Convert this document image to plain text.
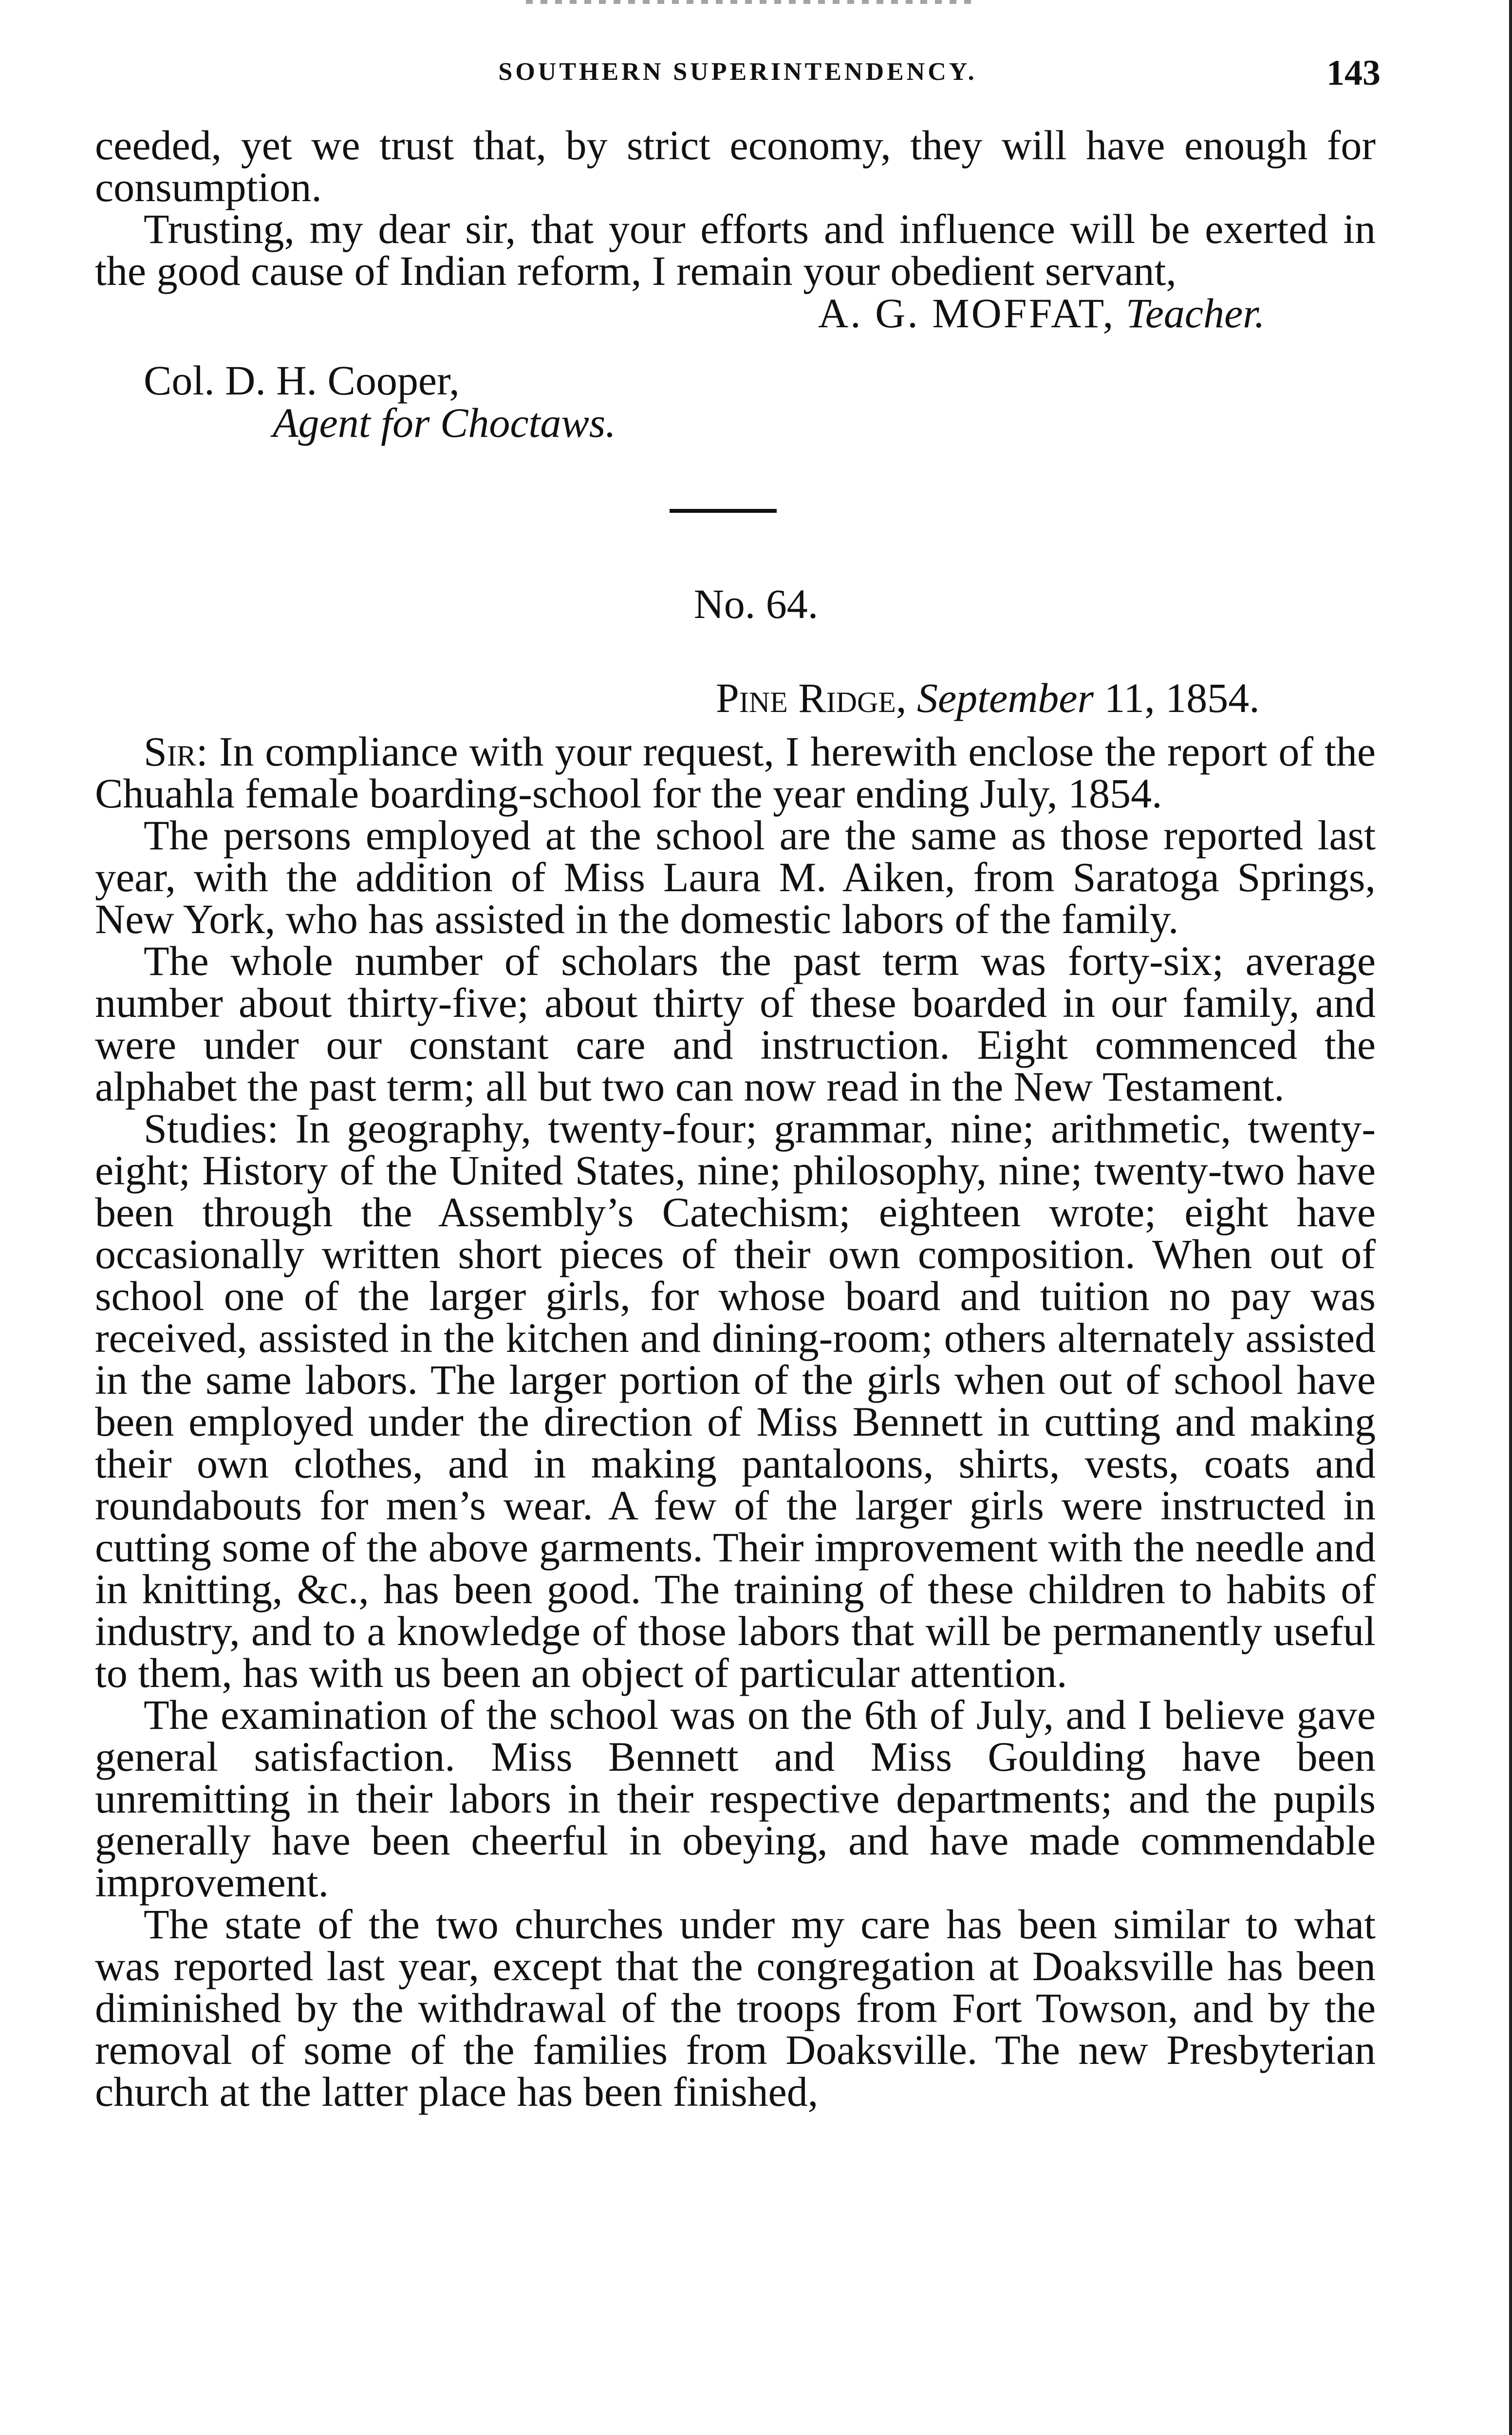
SOUTHERN SUPERINTENDENCY.	143

ceeded, yet we trust that, by strict economy, they will have enough for consumption.

Trusting, my dear sir, that your efforts and influence will be exerted in the good cause of Indian reform, I remain your obedient servant,

A. G. MOFFAT, Teacher.
Col. D. H. Cooper,
Agent for Choctaws.
No. 64.
Pine Ridge, September 11, 1854.

Sir: In compliance with your request, I herewith enclose the report of the Chuahla female boarding-school for the year ending July, 1854.

The persons employed at the school are the same as those reported last year, with the addition of Miss Laura M. Aiken, from Saratoga Springs, New York, who has assisted in the domestic labors of the family.

The whole number of scholars the past term was forty-six; average number about thirty-five; about thirty of these boarded in our family, and were under our constant care and instruction. Eight commenced the alphabet the past term; all but two can now read in the New Testament.

Studies: In geography, twenty-four; grammar, nine; arithmetic, twenty-eight; History of the United States, nine; philosophy, nine; twenty-two have been through the Assembly’s Catechism; eighteen wrote; eight have occasionally written short pieces of their own composition. When out of school one of the larger girls, for whose board and tuition no pay was received, assisted in the kitchen and dining-room; others alternately assisted in the same labors. The larger portion of the girls when out of school have been employed under the direction of Miss Bennett in cutting and making their own clothes, and in making pantaloons, shirts, vests, coats and roundabouts for men’s wear. A few of the larger girls were instructed in cutting some of the above garments. Their improvement with the needle and in knitting, &c., has been good. The training of these children to habits of industry, and to a knowledge of those labors that will be permanently useful to them, has with us been an object of particular attention.

The examination of the school was on the 6th of July, and I believe gave general satisfaction. Miss Bennett and Miss Goulding have been unremitting in their labors in their respective departments; and the pupils generally have been cheerful in obeying, and have made commendable improvement.

The state of the two churches under my care has been similar to what was reported last year, except that the congregation at Doaksville has been diminished by the withdrawal of the troops from Fort Towson, and by the removal of some of the families from Doaksville. The new Presbyterian church at the latter place has been finished,
